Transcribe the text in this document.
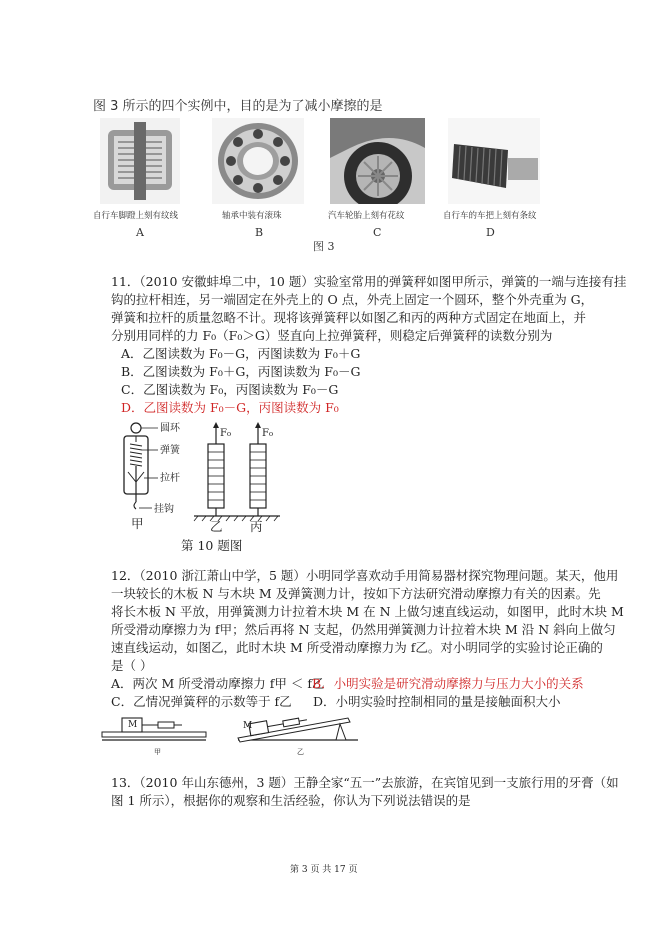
图 3 所示的四个实例中，目的是为了减小摩擦的是
自行车脚蹬上刻有纹线	轴承中装有滚珠	汽车轮胎上刻有花纹	自行车的车把上刻有条纹
A	B	C	D
图 3
11．（2010 安徽蚌埠二中，10 题）实验室常用的弹簧秤如图甲所示，弹簧的一端与连接有挂
钩的拉杆相连，另一端固定在外壳上的 O 点，外壳上固定一个圆环，整个外壳重为 G，
弹簧和拉杆的质量忽略不计。现将该弹簧秤以如图乙和丙的两种方式固定在地面上，并
分别用同样的力 F₀（F₀＞G）竖直向上拉弹簧秤，则稳定后弹簧秤的读数分别为
A．乙图读数为 F₀－G，丙图读数为 F₀＋G
B．乙图读数为 F₀＋G，丙图读数为 F₀－G
C．乙图读数为 F₀，丙图读数为 F₀－G
D．乙图读数为 F₀－G，丙图读数为 F₀
圆环
弹簧
拉杆
挂钩
F₀	F₀
甲	乙 丙
第 10 题图
12．（2010 浙江萧山中学，5 题）小明同学喜欢动手用简易器材探究物理问题。某天，他用
一块较长的木板 N 与木块 M 及弹簧测力计，按如下方法研究滑动摩擦力有关的因素。先
将长木板 N 平放，用弹簧测力计拉着木块 M 在 N 上做匀速直线运动，如图甲，此时木块 M
所受滑动摩擦力为 f甲；然后再将 N 支起，仍然用弹簧测力计拉着木块 M 沿 N 斜向上做匀
速直线运动，如图乙，此时木块 M 所受滑动摩擦力为 f乙。对小明同学的实验讨论正确的
是（ ）
A．两次 M 所受滑动摩擦力 f甲 ＜ f乙
B．小明实验是研究滑动摩擦力与压力大小的关系
C．乙情况弹簧秤的示数等于 f乙 D．小明实验时控制相同的量是接触面积大小
M	M
甲	乙
13．（2010 年山东德州，3 题）王静全家“五一”去旅游，在宾馆见到一支旅行用的牙膏（如
图 1 所示），根据你的观察和生活经验，你认为下列说法错误的是
第 3 页 共 17 页
